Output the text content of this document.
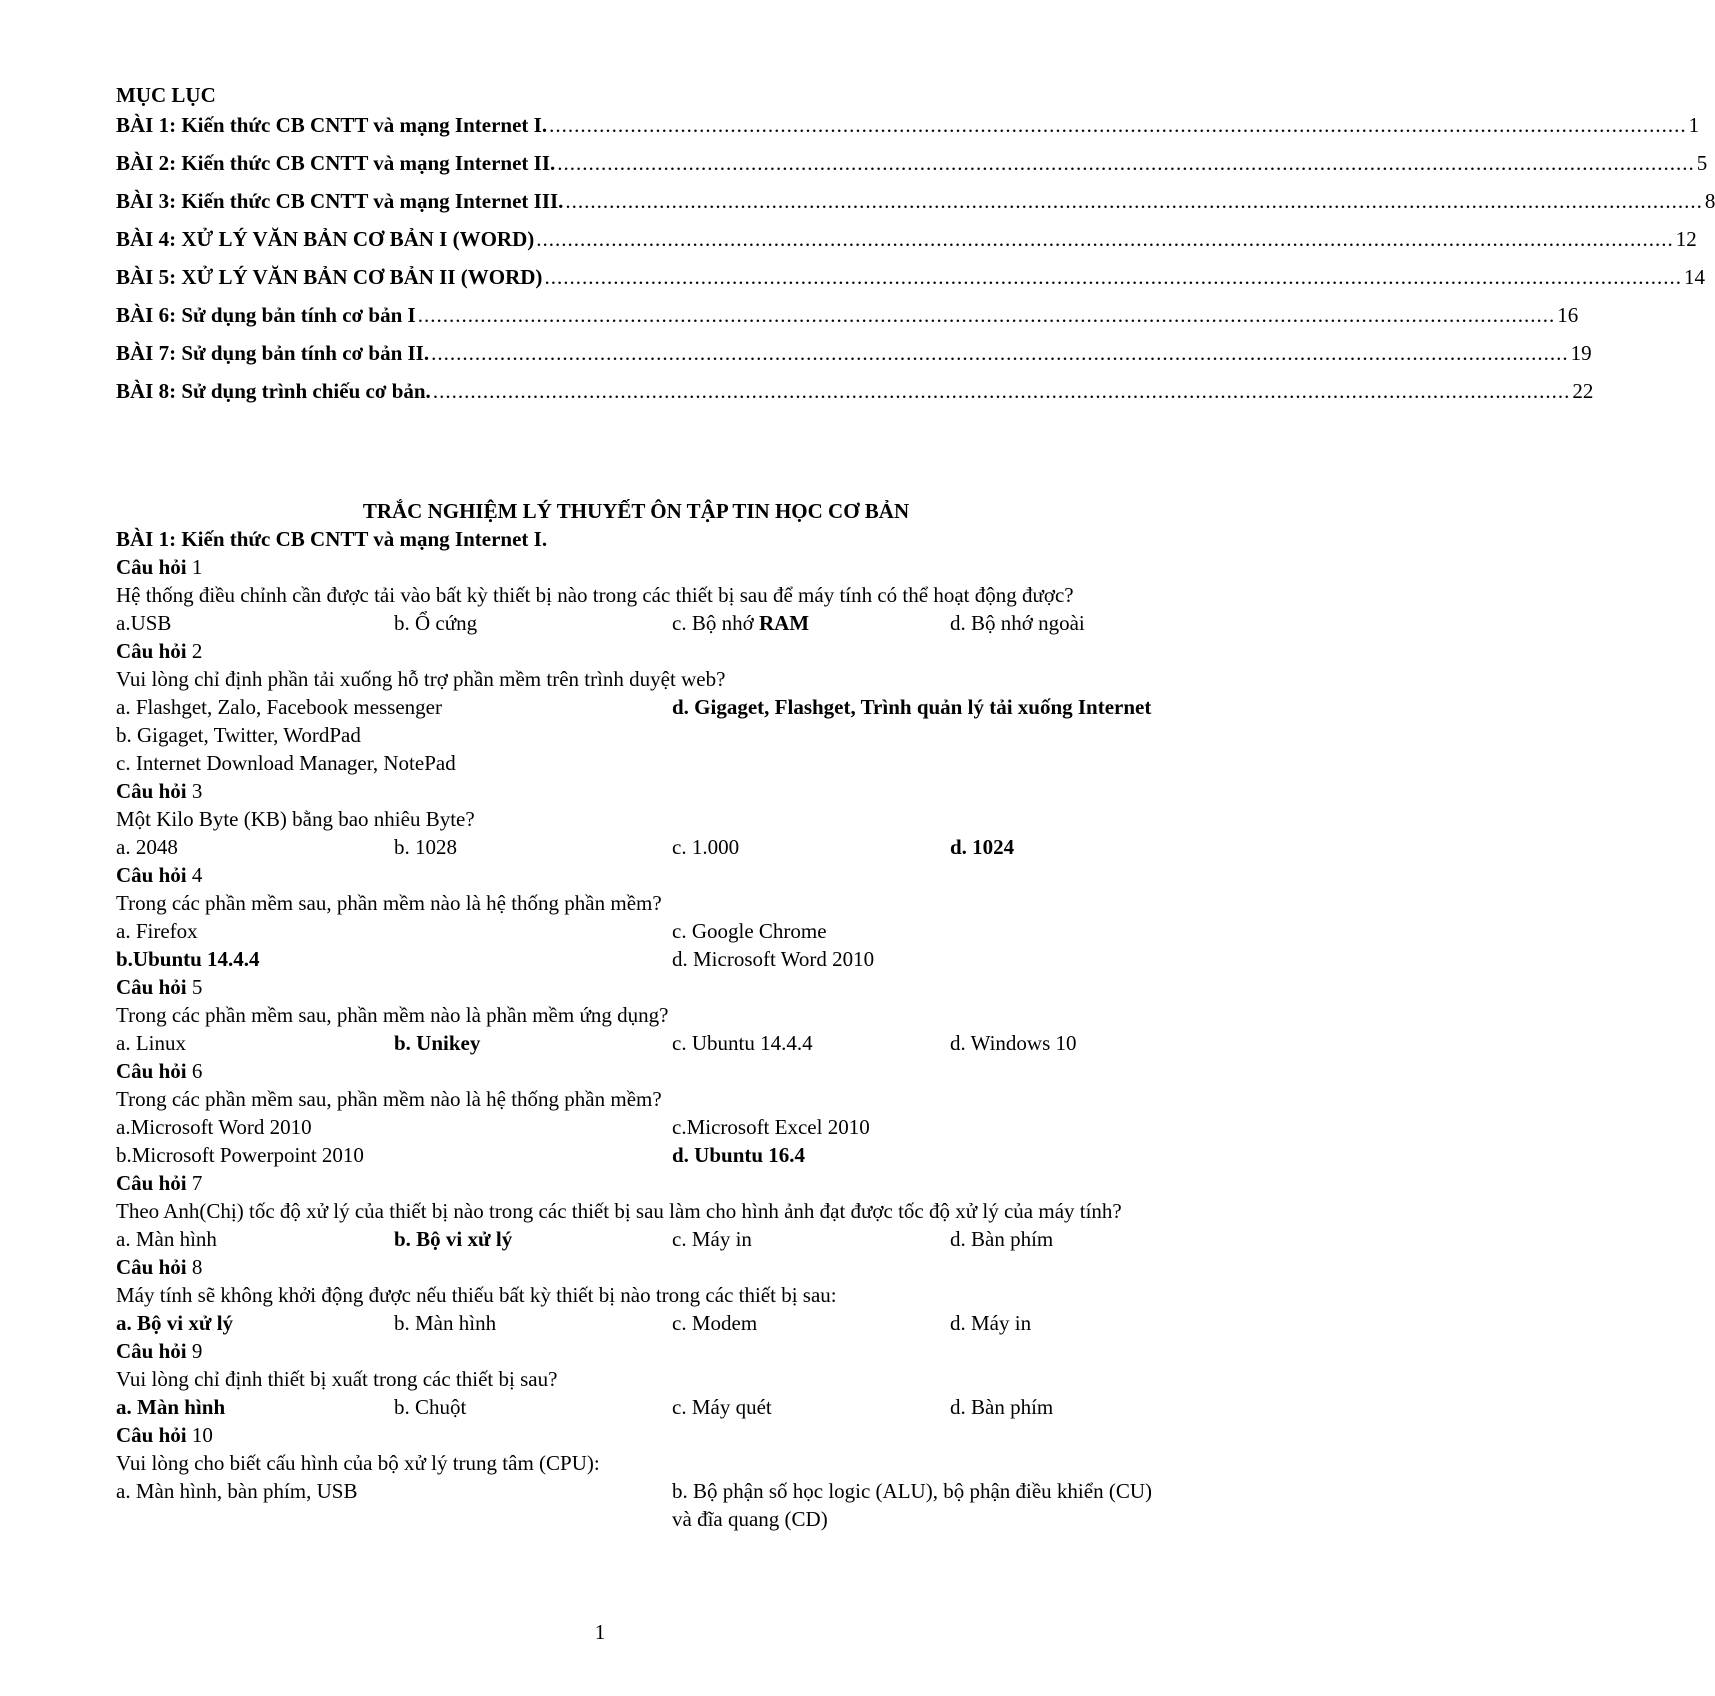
MỤC LỤC
BÀI 1: Kiến thức CB CNTT và mạng Internet I. ...................................................................................................................................................................................... 1
BÀI 2: Kiến thức CB CNTT và mạng Internet II. ...................................................................................................................................................................................... 5
BÀI 3: Kiến thức CB CNTT và mạng Internet III. ...................................................................................................................................................................................... 8
BÀI 4: XỬ LÝ VĂN BẢN CƠ BẢN I (WORD) ...................................................................................................................................................................................... 12
BÀI 5: XỬ LÝ VĂN BẢN CƠ BẢN II (WORD) ...................................................................................................................................................................................... 14
BÀI 6: Sử dụng bản tính cơ bản I ...................................................................................................................................................................................... 16
BÀI 7: Sử dụng bản tính cơ bản II. ...................................................................................................................................................................................... 19
BÀI 8: Sử dụng trình chiếu cơ bản. ...................................................................................................................................................................................... 22
TRẮC NGHIỆM LÝ THUYẾT ÔN TẬP TIN HỌC CƠ BẢN
BÀI 1: Kiến thức CB CNTT và mạng Internet I.
Câu hỏi 1
Hệ thống điều chỉnh cần được tải vào bất kỳ thiết bị nào trong các thiết bị sau để máy tính có thể hoạt động được?
a.USB	b. Ổ cứng	c. Bộ nhớ RAM	d. Bộ nhớ ngoài
Câu hỏi 2
Vui lòng chỉ định phần tải xuống hỗ trợ phần mềm trên trình duyệt web?
a. Flashget, Zalo, Facebook messenger
b. Gigaget, Twitter, WordPad
c. Internet Download Manager, NotePad
d. Gigaget, Flashget, Trình quản lý tải xuống Internet
Câu hỏi 3
Một Kilo Byte (KB) bằng bao nhiêu Byte?
a. 2048	b. 1028	c. 1.000	d. 1024
Câu hỏi 4
Trong các phần mềm sau, phần mềm nào là hệ thống phần mềm?
a. Firefox	c. Google Chrome
b.Ubuntu 14.4.4	d. Microsoft Word 2010
Câu hỏi 5
Trong các phần mềm sau, phần mềm nào là phần mềm ứng dụng?
a. Linux	b. Unikey	c. Ubuntu 14.4.4	d. Windows 10
Câu hỏi 6
Trong các phần mềm sau, phần mềm nào là hệ thống phần mềm?
a.Microsoft Word 2010	c.Microsoft Excel 2010
b.Microsoft Powerpoint 2010	d. Ubuntu 16.4
Câu hỏi 7
Theo Anh(Chị) tốc độ xử lý của thiết bị nào trong các thiết bị sau làm cho hình ảnh đạt được tốc độ xử lý của máy tính?
a. Màn hình	b. Bộ vi xử lý	c. Máy in	d. Bàn phím
Câu hỏi 8
Máy tính sẽ không khởi động được nếu thiếu bất kỳ thiết bị nào trong các thiết bị sau:
a. Bộ vi xử lý	b. Màn hình	c. Modem	d. Máy in
Câu hỏi 9
Vui lòng chỉ định thiết bị xuất trong các thiết bị sau?
a. Màn hình	b. Chuột	c. Máy quét	d. Bàn phím
Câu hỏi 10
Vui lòng cho biết cấu hình của bộ xử lý trung tâm (CPU):
a. Màn hình, bàn phím, USB	b. Bộ phận số học logic (ALU), bộ phận điều khiển (CU) và đĩa quang (CD)
1
